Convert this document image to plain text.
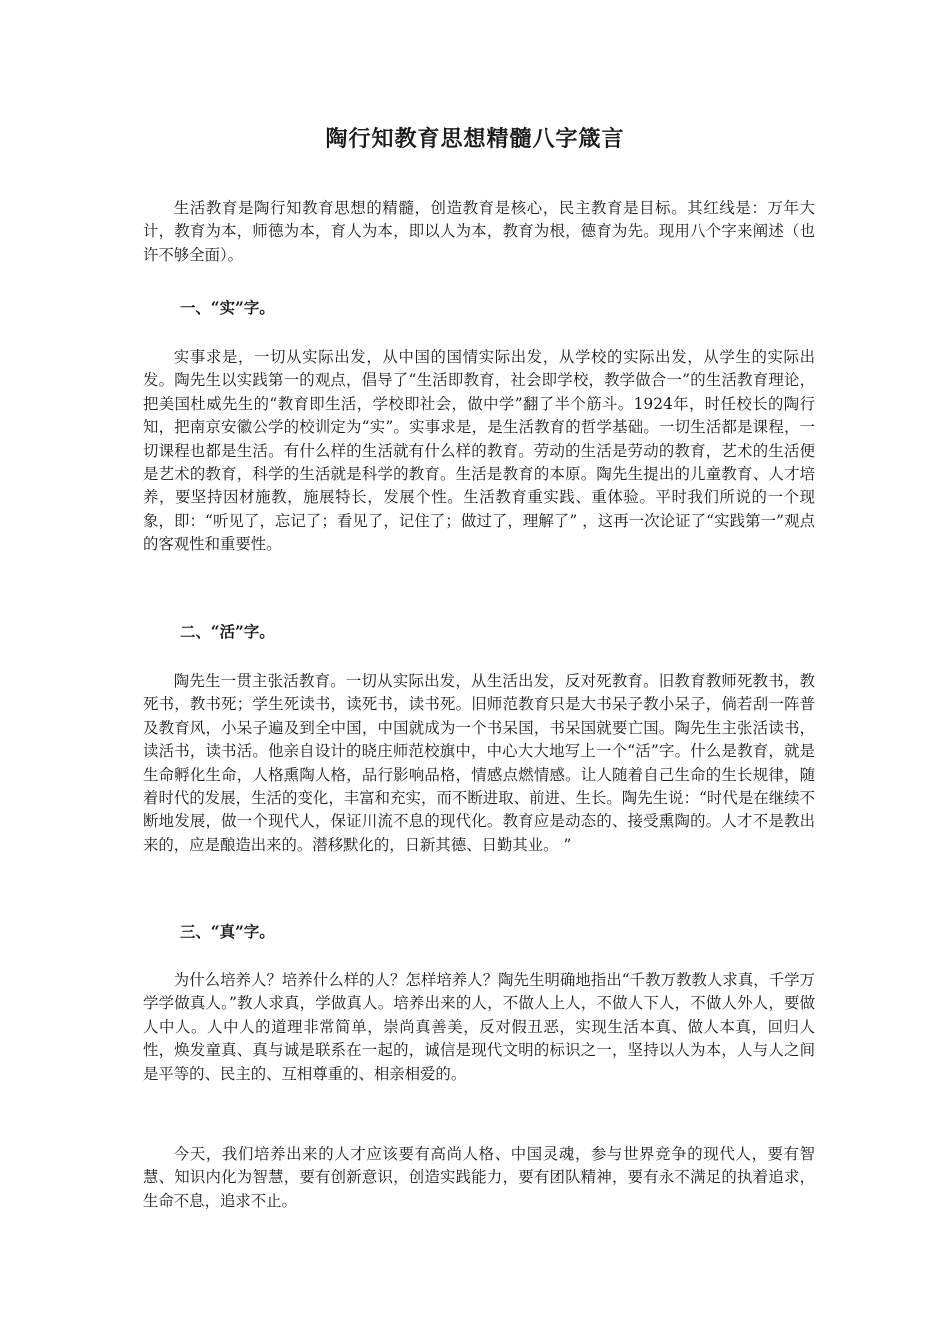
陶行知教育思想精髓八字箴言

生活教育是陶行知教育思想的精髓，创造教育是核心，民主教育是目标。其红线是：万年大计，教育为本，师德为本，育人为本，即以人为本，教育为根，德育为先。现用八个字来阐述（也许不够全面）。

一、“实”字。

实事求是，一切从实际出发，从中国的国情实际出发，从学校的实际出发，从学生的实际出发。陶先生以实践第一的观点，倡导了“生活即教育，社会即学校，教学做合一”的生活教育理论，把美国杜威先生的“教育即生活，学校即社会，做中学”翻了半个筋斗。1924年，时任校长的陶行知，把南京安徽公学的校训定为“实”。实事求是，是生活教育的哲学基础。一切生活都是课程，一切课程也都是生活。有什么样的生活就有什么样的教育。劳动的生活是劳动的教育，艺术的生活便是艺术的教育，科学的生活就是科学的教育。生活是教育的本原。陶先生提出的儿童教育、人才培养，要坚持因材施教，施展特长，发展个性。生活教育重实践、重体验。平时我们所说的一个现象，即：“听见了，忘记了；看见了，记住了；做过了，理解了” ，这再一次论证了“实践第一”观点的客观性和重要性。

二、“活”字。

陶先生一贯主张活教育。一切从实际出发，从生活出发，反对死教育。旧教育教师死教书，教死书，教书死；学生死读书，读死书，读书死。旧师范教育只是大书呆子教小呆子，倘若刮一阵普及教育风，小呆子遍及到全中国，中国就成为一个书呆国，书呆国就要亡国。陶先生主张活读书，读活书，读书活。他亲自设计的晓庄师范校旗中，中心大大地写上一个“活”字。什么是教育，就是生命孵化生命，人格熏陶人格，品行影响品格，情感点燃情感。让人随着自己生命的生长规律，随着时代的发展，生活的变化，丰富和充实，而不断进取、前进、生长。陶先生说：“时代是在继续不断地发展，做一个现代人，保证川流不息的现代化。教育应是动态的、接受熏陶的。人才不是教出来的，应是酿造出来的。潜移默化的，日新其德、日勤其业。 ”

三、“真”字。

为什么培养人？培养什么样的人？怎样培养人？陶先生明确地指出“千教万教教人求真，千学万学学做真人。”教人求真，学做真人。培养出来的人，不做人上人，不做人下人，不做人外人，要做人中人。人中人的道理非常简单，崇尚真善美，反对假丑恶，实现生活本真、做人本真，回归人性，焕发童真、真与诚是联系在一起的，诚信是现代文明的标识之一，坚持以人为本，人与人之间是平等的、民主的、互相尊重的、相亲相爱的。

今天，我们培养出来的人才应该要有高尚人格、中国灵魂，参与世界竞争的现代人，要有智慧、知识内化为智慧，要有创新意识，创造实践能力，要有团队精神，要有永不满足的执着追求，生命不息，追求不止。
